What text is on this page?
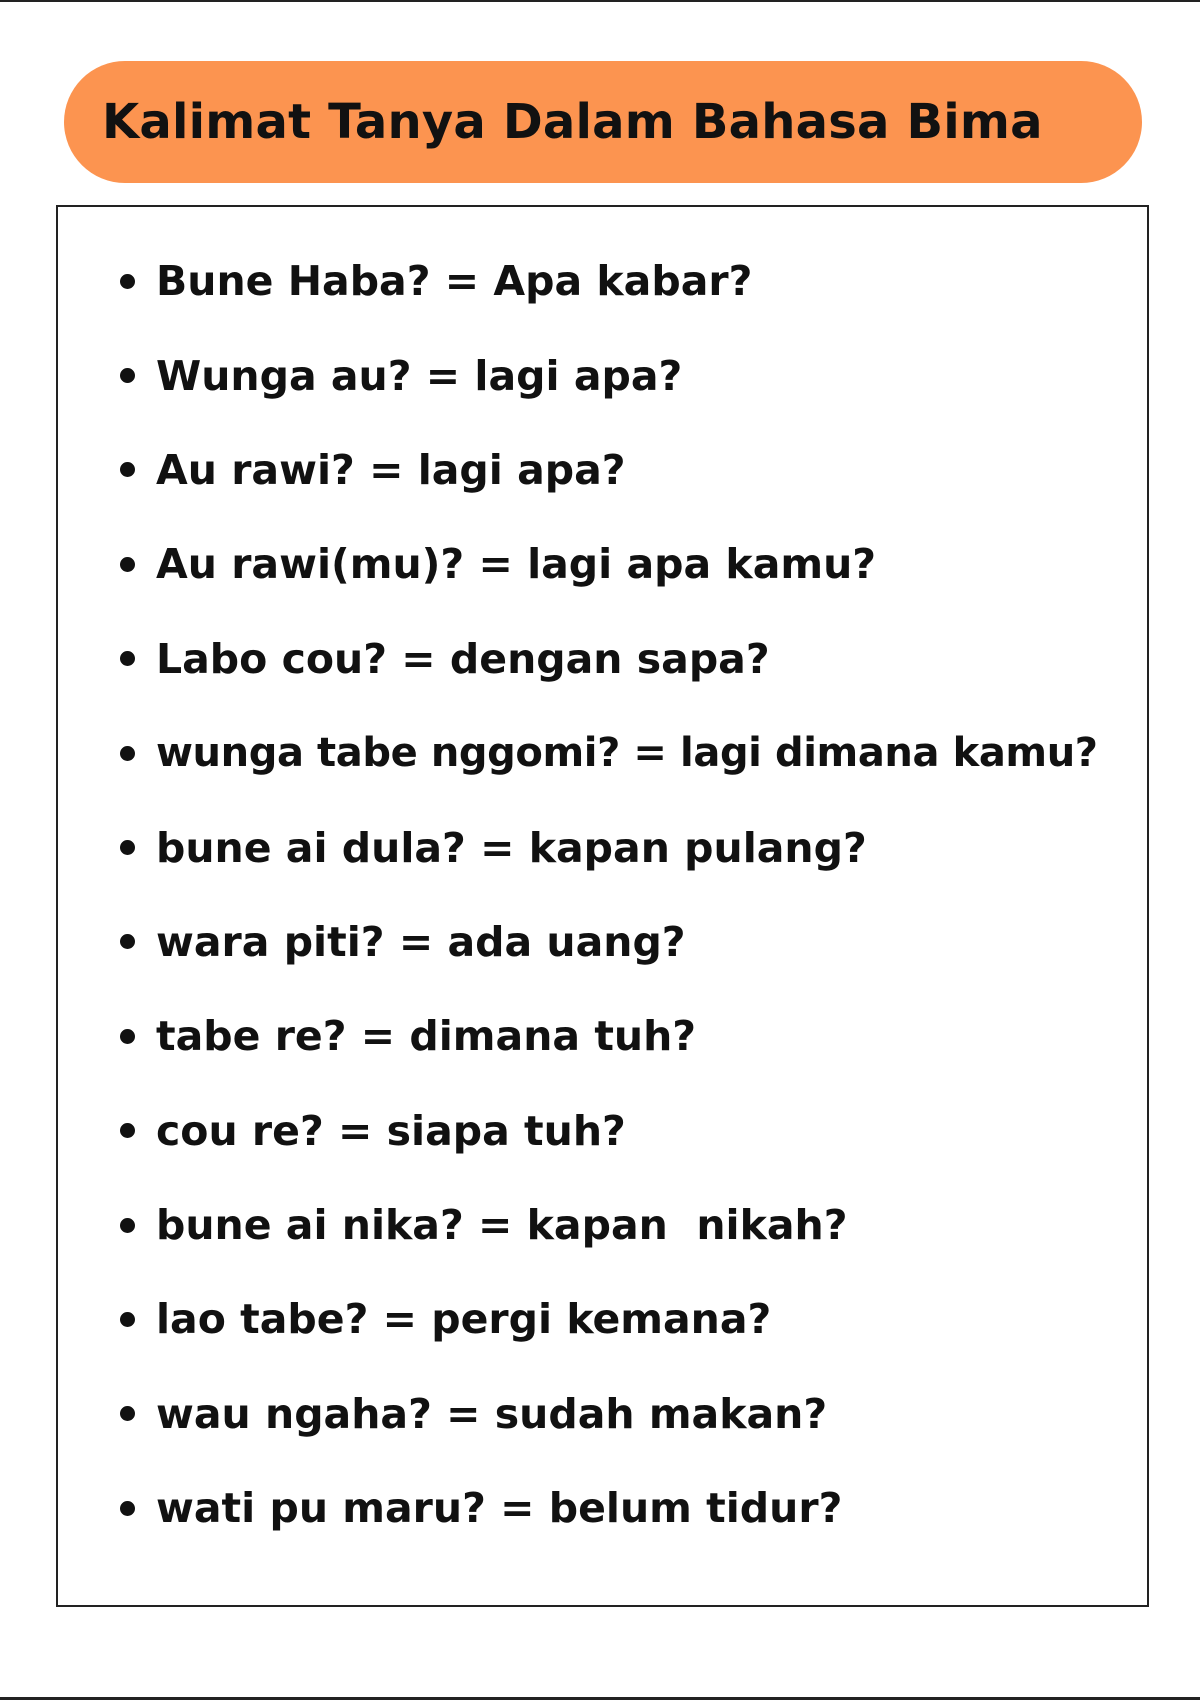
Kalimat Tanya Dalam Bahasa Bima
Bune Haba? = Apa kabar?
Wunga au? = lagi apa?
Au rawi? = lagi apa?
Au rawi(mu)? = lagi apa kamu?
Labo cou? = dengan sapa?
wunga tabe nggomi? = lagi dimana kamu?
bune ai dula? = kapan pulang?
wara piti? = ada uang?
tabe re? = dimana tuh?
cou re? = siapa tuh?
bune ai nika? = kapan  nikah?
lao tabe? = pergi kemana?
wau ngaha? = sudah makan?
wati pu maru? = belum tidur?
